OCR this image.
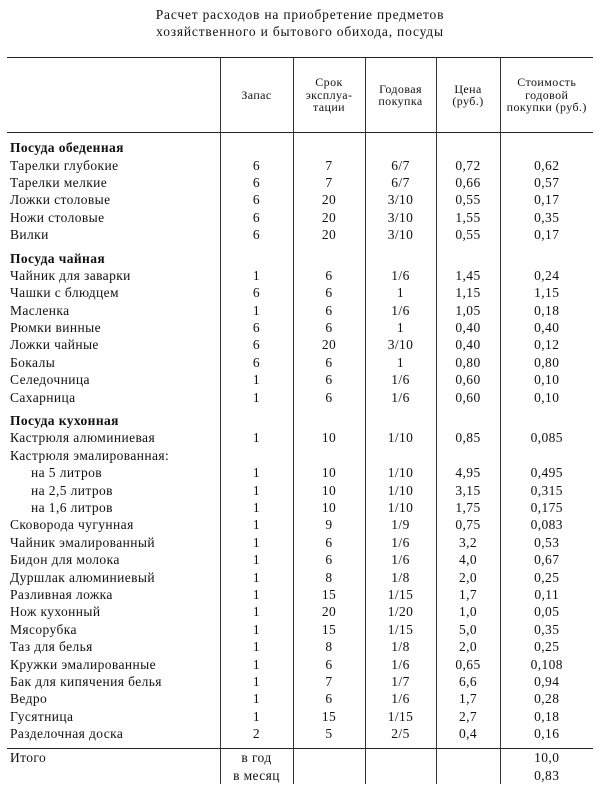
Расчет расходов на приобретение предметов
хозяйственного и бытового обихода, посуды
	Запас	Срок эксплуа-тации	Годовая покупка	Цена (руб.)	Стоимость годовой покупки (руб.)

Посуда обеденная					
Тарелки глубокие	6	7	6/7	0,72	0,62
Тарелки мелкие	6	7	6/7	0,66	0,57
Ложки столовые	6	20	3/10	0,55	0,17
Ножи столовые	6	20	3/10	1,55	0,35
Вилки	6	20	3/10	0,55	0,17

Посуда чайная					
Чайник для заварки	1	6	1/6	1,45	0,24
Чашки с блюдцем	6	6	1	1,15	1,15
Масленка	1	6	1/6	1,05	0,18
Рюмки винные	6	6	1	0,40	0,40
Ложки чайные	6	20	3/10	0,40	0,12
Бокалы	6	6	1	0,80	0,80
Селедочница	1	6	1/6	0,60	0,10
Сахарница	1	6	1/6	0,60	0,10

Посуда кухонная					
Кастрюля алюминиевая	1	10	1/10	0,85	0,085
Кастрюля эмалированная:					
на 5 литров	1	10	1/10	4,95	0,495
на 2,5 литров	1	10	1/10	3,15	0,315
на 1,6 литров	1	10	1/10	1,75	0,175
Сковорода чугунная	1	9	1/9	0,75	0,083
Чайник эмалированный	1	6	1/6	3,2	0,53
Бидон для молока	1	6	1/6	4,0	0,67
Дуршлак алюминиевый	1	8	1/8	2,0	0,25
Разливная ложка	1	15	1/15	1,7	0,11
Нож кухонный	1	20	1/20	1,0	0,05
Мясорубка	1	15	1/15	5,0	0,35
Таз для белья	1	8	1/8	2,0	0,25
Кружки эмалированные	1	6	1/6	0,65	0,108
Бак для кипячения белья	1	7	1/7	6,6	0,94
Ведро	1	6	1/6	1,7	0,28
Гусятница	1	15	1/15	2,7	0,18
Разделочная доска	2	5	2/5	0,4	0,16

Итого	в год				10,0
	в месяц				0,83
